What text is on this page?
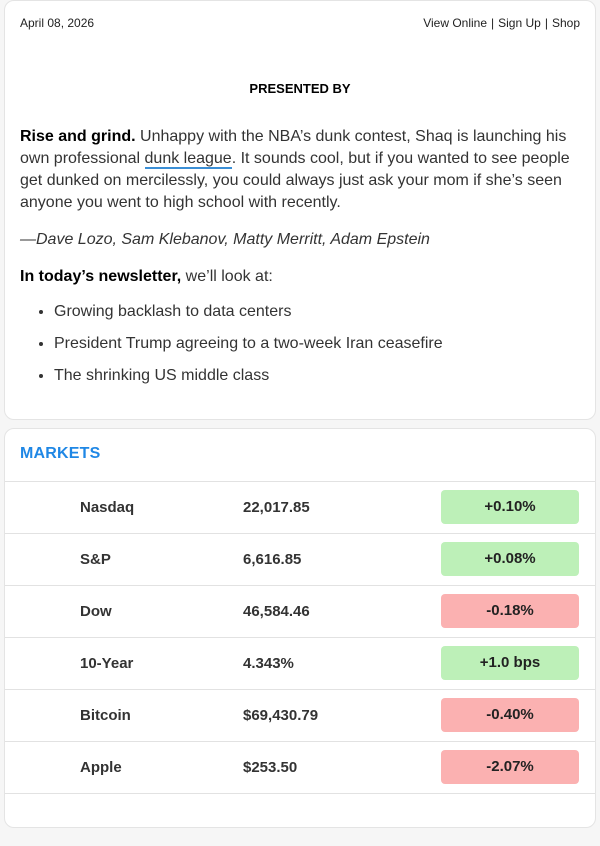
April 08, 2026	View Online | Sign Up | Shop
PRESENTED BY
Rise and grind. Unhappy with the NBA’s dunk contest, Shaq is launching his own professional dunk league. It sounds cool, but if you wanted to see people get dunked on mercilessly, you could always just ask your mom if she’s seen anyone you went to high school with recently.
—Dave Lozo, Sam Klebanov, Matty Merritt, Adam Epstein
In today’s newsletter, we’ll look at:
• Growing backlash to data centers
• President Trump agreeing to a two-week Iran ceasefire
• The shrinking US middle class
MARKETS
Nasdaq	22,017.85	+0.10%
S&P	6,616.85	+0.08%
Dow	46,584.46	-0.18%
10-Year	4.343%	+1.0 bps
Bitcoin	$69,430.79	-0.40%
Apple	$253.50	-2.07%
